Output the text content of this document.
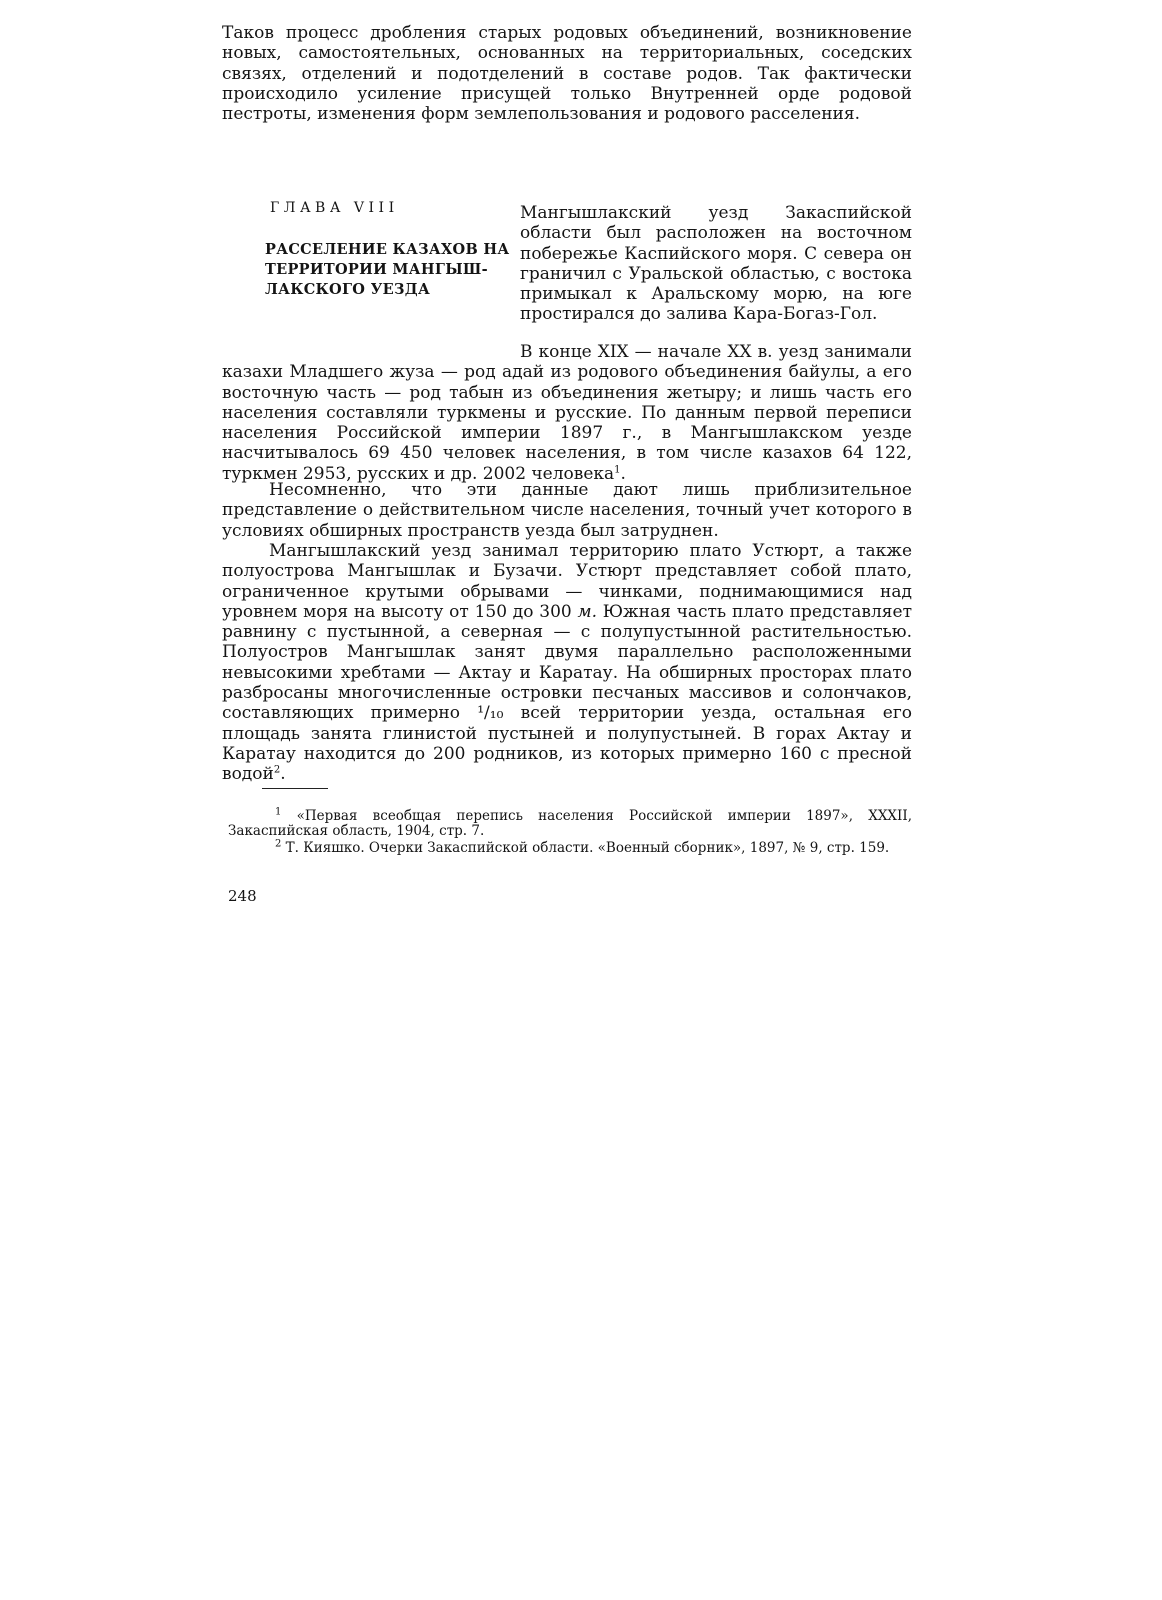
Таков процесс дробления старых родовых объединений, возникновение новых, самостоятельных, основанных на территориальных, соседских связях, отделений и подотделений в составе родов. Так фактически происходило усиление присущей только Внутренней орде родовой

пестроты, изменения форм землепользования и родового расселения.

ГЛАВА VIII
РАССЕЛЕНИЕ КАЗАХОВ НА ТЕРРИТОРИИ МАНГЫШ-ЛАКСКОГО УЕЗДА

Мангышлакский уезд Закаспийской области был расположен на восточном побережье Каспийского моря. С севера он граничил с Уральской областью, с востока примыкал к Аральскому морю, на юге простирался до залива Кара-Богаз-Гол.

В конце XIX — начале XX в. уезд занимали казахи Младшего жуза — род адай из родового объединения байулы, а его восточную часть — род табын из объединения жетыру; и лишь часть его населения составляли туркмены и русские. По данным первой переписи населения Российской империи 1897 г., в Мангышлакском уезде насчитывалось 69 450 человек населения, в том числе казахов 64 122, туркмен 2953, русских и др. 2002 человека$^1$.

Несомненно, что эти данные дают лишь приблизительное представление о действительном числе населения, точный учет которого в условиях обширных пространств уезда был затруднен.

Мангышлакский уезд занимал территорию плато Устюрт, а также полуострова Мангышлак и Бузачи. Устюрт представляет собой плато, ограниченное крутыми обрывами — чинками, поднимающимися над уровнем моря на высоту от 150 до 300 м. Южная часть плато представляет равнину с пустынной, а северная — с полупустынной растительностью. Полуостров Мангышлак занят двумя параллельно расположенными невысокими хребтами — Актау и Каратау. На обширных просторах плато разбросаны многочисленные островки песчаных массивов и солончаков, составляющих примерно ¹/₁₀ всей территории уезда, остальная его площадь занята глинистой пустыней и полупустыней. В горах Актау и Каратау находится до 200 родников, из которых примерно 160 с пресной водой$^2$.

$^1$ «Первая всеобщая перепись населения Российской империи 1897», XXXII, Закаспийская область, 1904, стр. 7.

$^2$ Т. Кияшко. Очерки Закаспийской области. «Военный сборник», 1897, № 9, стр. 159.

248
